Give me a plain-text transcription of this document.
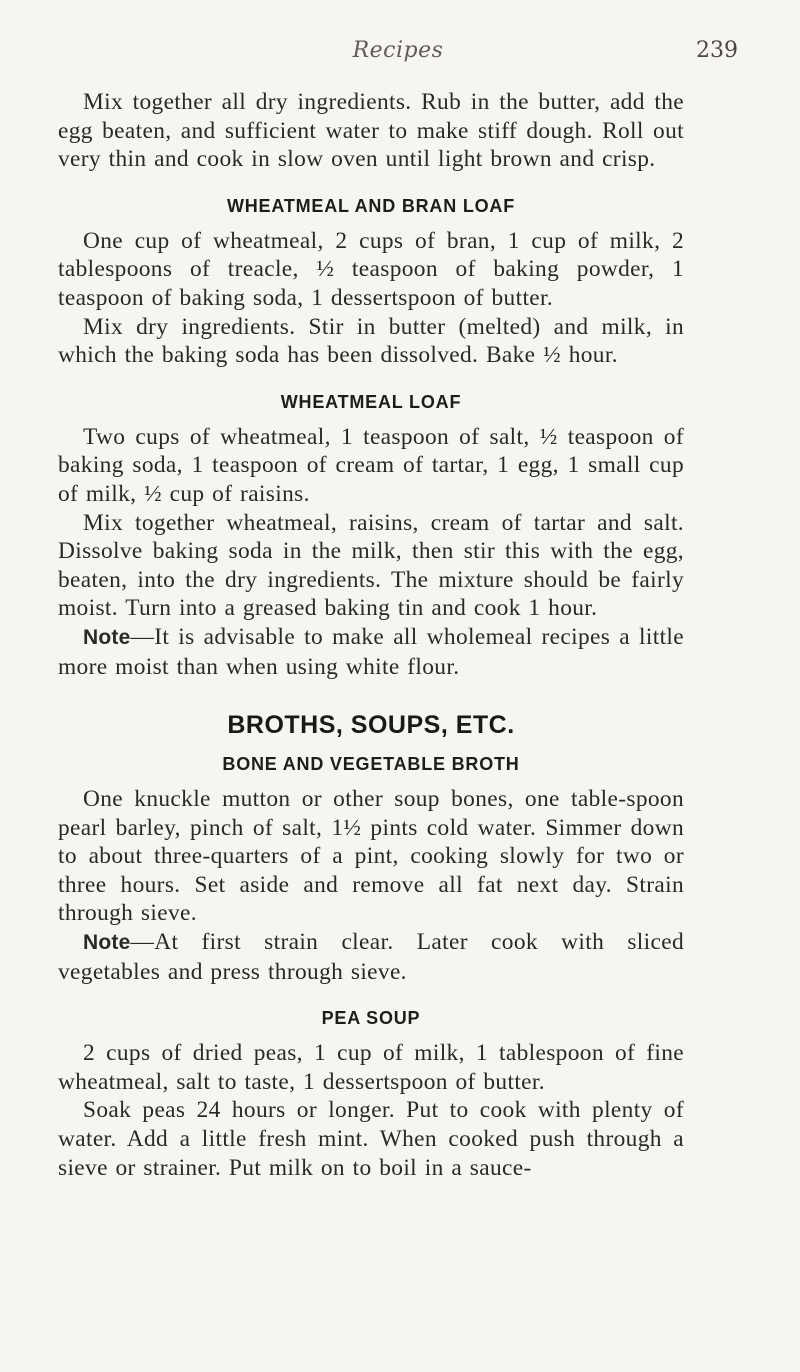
Recipes	239

Mix together all dry ingredients. Rub in the butter, add the egg beaten, and sufficient water to make stiff dough. Roll out very thin and cook in slow oven until light brown and crisp.

WHEATMEAL AND BRAN LOAF

One cup of wheatmeal, 2 cups of bran, 1 cup of milk, 2 tablespoons of treacle, ½ teaspoon of baking powder, 1 teaspoon of baking soda, 1 dessertspoon of butter.

Mix dry ingredients. Stir in butter (melted) and milk, in which the baking soda has been dissolved. Bake ½ hour.

WHEATMEAL LOAF

Two cups of wheatmeal, 1 teaspoon of salt, ½ teaspoon of baking soda, 1 teaspoon of cream of tartar, 1 egg, 1 small cup of milk, ½ cup of raisins.

Mix together wheatmeal, raisins, cream of tartar and salt. Dissolve baking soda in the milk, then stir this with the egg, beaten, into the dry ingredients. The mixture should be fairly moist. Turn into a greased baking tin and cook 1 hour.

Note—It is advisable to make all wholemeal recipes a little more moist than when using white flour.

BROTHS, SOUPS, ETC.

BONE AND VEGETABLE BROTH

One knuckle mutton or other soup bones, one table-spoon pearl barley, pinch of salt, 1½ pints cold water. Simmer down to about three-quarters of a pint, cooking slowly for two or three hours. Set aside and remove all fat next day. Strain through sieve.

Note—At first strain clear. Later cook with sliced vegetables and press through sieve.

PEA SOUP

2 cups of dried peas, 1 cup of milk, 1 tablespoon of fine wheatmeal, salt to taste, 1 dessertspoon of butter.

Soak peas 24 hours or longer. Put to cook with plenty of water. Add a little fresh mint. When cooked push through a sieve or strainer. Put milk on to boil in a sauce-
